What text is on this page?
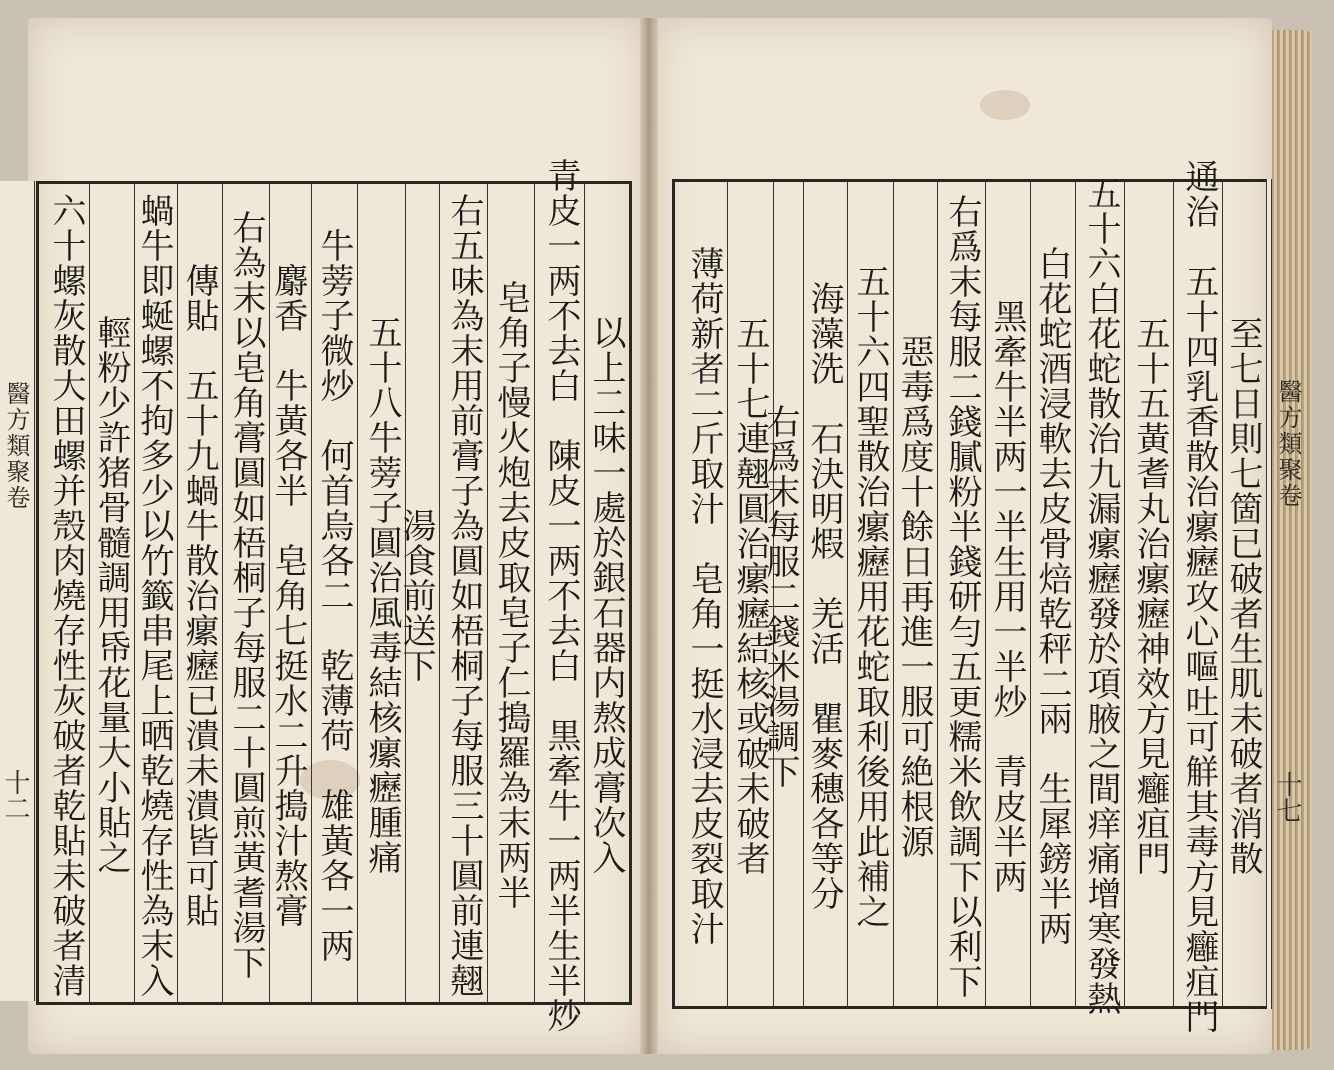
至七日則七箇已破者生肌未破者消散
通治　五十四乳香散治瘰癧攻心嘔吐可觧其毒方見癰疽門
五十五黃耆丸治瘰癧神效方見癰疽門
五十六白花蛇散治九漏瘰癧發於項腋之間痒痛增寒發熱
白花蛇酒浸軟去皮骨焙乾秤二兩　生犀鎊半两
黑牽牛半两一半生用一半炒　青皮半两
右爲末每服二錢膩粉半錢研勻五更糯米飲調下以利下
惡毒爲度十餘日再進一服可絶根源
五十六四聖散治瘰癧用花蛇取利後用此補之
海藻洗　石決明煆　羌活　瞿麥穗各等分
右爲末每服二錢米湯調下
五十七連翹圓治瘰癧結核或破未破者
薄荷新者二斤取汁　皂角一挺水浸去皮裂取汁
以上二味一處於銀石器内熬成膏次入
青皮一两不去白　陳皮一两不去白　黒牽牛一两半生半炒
皂角子慢火炮去皮取皂子仁搗羅為末两半
右五味為末用前膏子為圓如梧桐子每服三十圓前連翹
湯食前送下
五十八牛蒡子圓治風毒結核瘰癧腫痛
牛蒡子微炒　何首烏各二　乾薄荷　雄黃各一两
麝香　牛黃各半　皂角七挺水二升搗汁熬膏
右為末以皂角膏圓如梧桐子每服二十圓煎黃耆湯下
傳貼　五十九蝸牛散治瘰癧已潰未潰皆可貼
蝸牛即蜒螺不拘多少以竹籤串尾上晒乾燒存性為末入
輕粉少許猪骨髓調用帋花量大小貼之
六十螺灰散大田螺并殼肉燒存性灰破者乾貼未破者清
醫方類聚卷
十二
醫方類聚卷
十七
